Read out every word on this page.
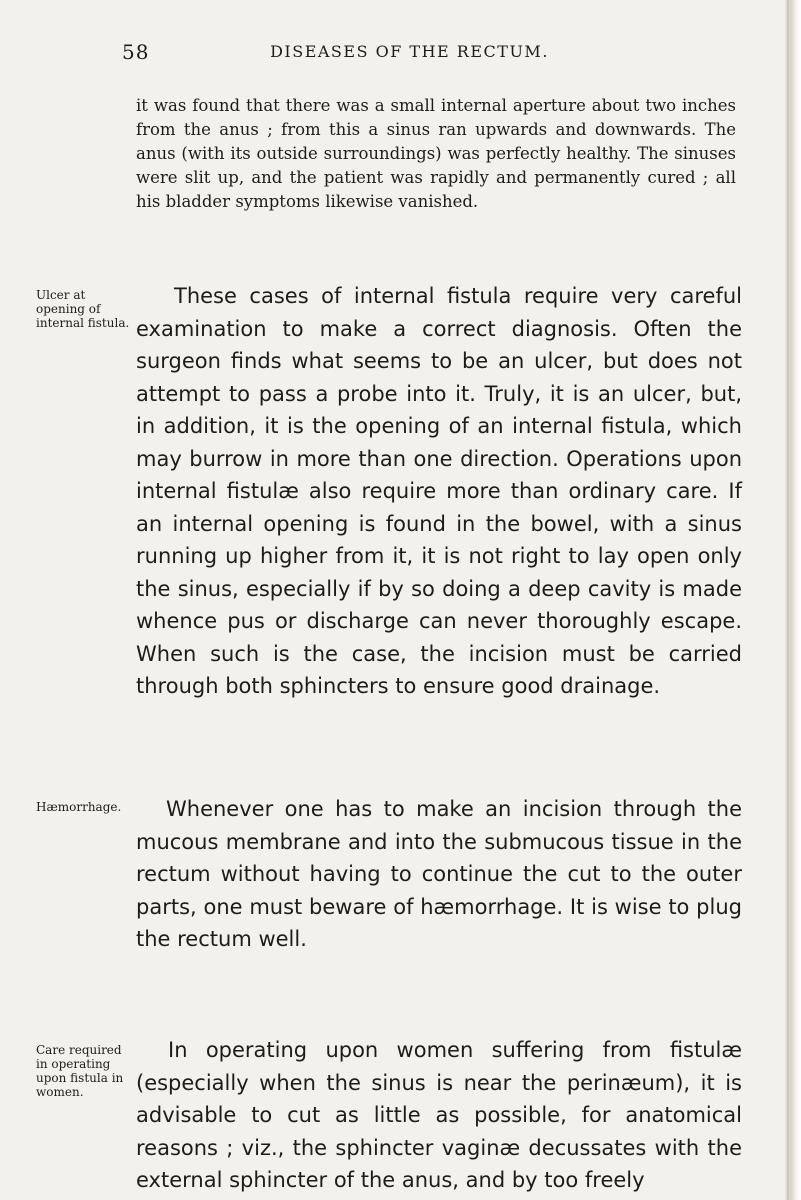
58	DISEASES OF THE RECTUM.

it was found that there was a small internal aperture about two inches from the anus ; from this a sinus ran upwards and downwards. The anus (with its outside surroundings) was perfectly healthy. The sinuses were slit up, and the patient was rapidly and permanently cured ; all his bladder symptoms likewise vanished.

Ulcer at opening of internal fistula.

These cases of internal fistula require very careful examination to make a correct diagnosis. Often the surgeon finds what seems to be an ulcer, but does not attempt to pass a probe into it. Truly, it is an ulcer, but, in addition, it is the opening of an internal fistula, which may burrow in more than one direction. Operations upon internal fistulæ also require more than ordinary care. If an internal opening is found in the bowel, with a sinus running up higher from it, it is not right to lay open only the sinus, especially if by so doing a deep cavity is made whence pus or discharge can never thoroughly escape. When such is the case, the incision must be carried through both sphincters to ensure good drainage.

Hæmorrhage.	Whenever one has to make an incision through the mucous membrane and into the submucous tissue in the rectum without having to continue the cut to the outer parts, one must beware of hæmorrhage. It is wise to plug the rectum well.

Care required in operating upon fistula in women.

In operating upon women suffering from fistulæ (especially when the sinus is near the perinæum), it is advisable to cut as little as possible, for anatomical reasons ; viz., the sphincter vaginæ decussates with the external sphincter of the anus, and by too freely
